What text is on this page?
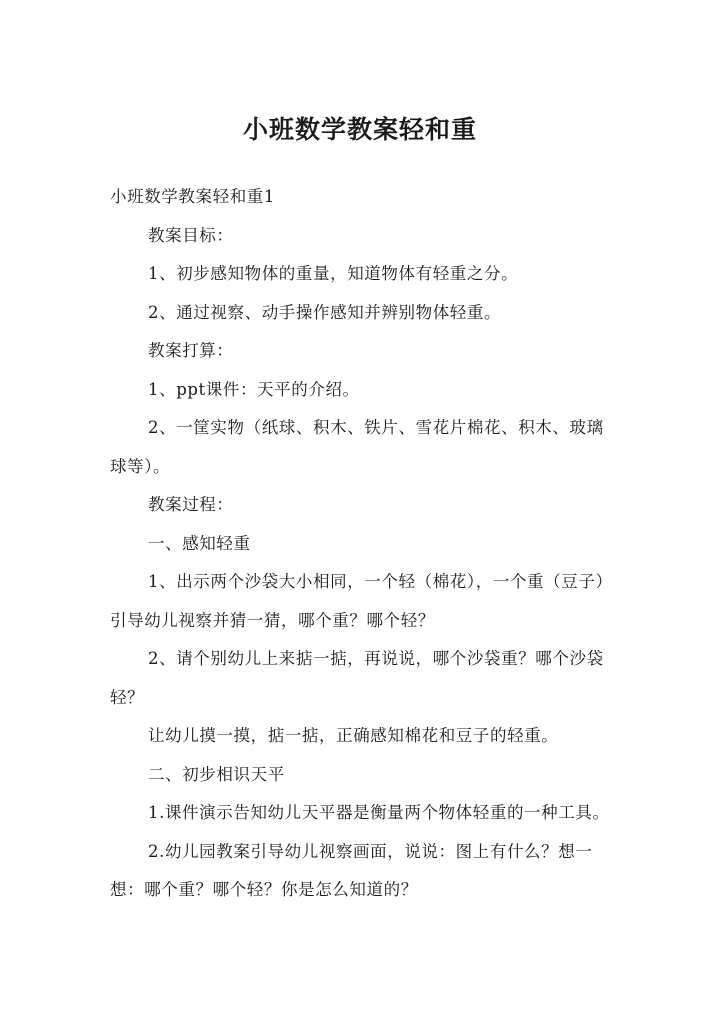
小班数学教案轻和重

小班数学教案轻和重1

教案目标：

1、初步感知物体的重量，知道物体有轻重之分。

2、通过视察、动手操作感知并辨别物体轻重。

教案打算：

1、ppt课件：天平的介绍。

2、一筐实物（纸球、积木、铁片、雪花片棉花、积木、玻璃球等）。

教案过程：

一、感知轻重

1、出示两个沙袋大小相同，一个轻（棉花），一个重（豆子）引导幼儿视察并猜一猜，哪个重？哪个轻？

2、请个别幼儿上来掂一掂，再说说，哪个沙袋重？哪个沙袋轻？

让幼儿摸一摸，掂一掂，正确感知棉花和豆子的轻重。

二、初步相识天平

1.课件演示告知幼儿天平器是衡量两个物体轻重的一种工具。

2.幼儿园教案引导幼儿视察画面，说说：图上有什么？想一想：哪个重？哪个轻？你是怎么知道的？
